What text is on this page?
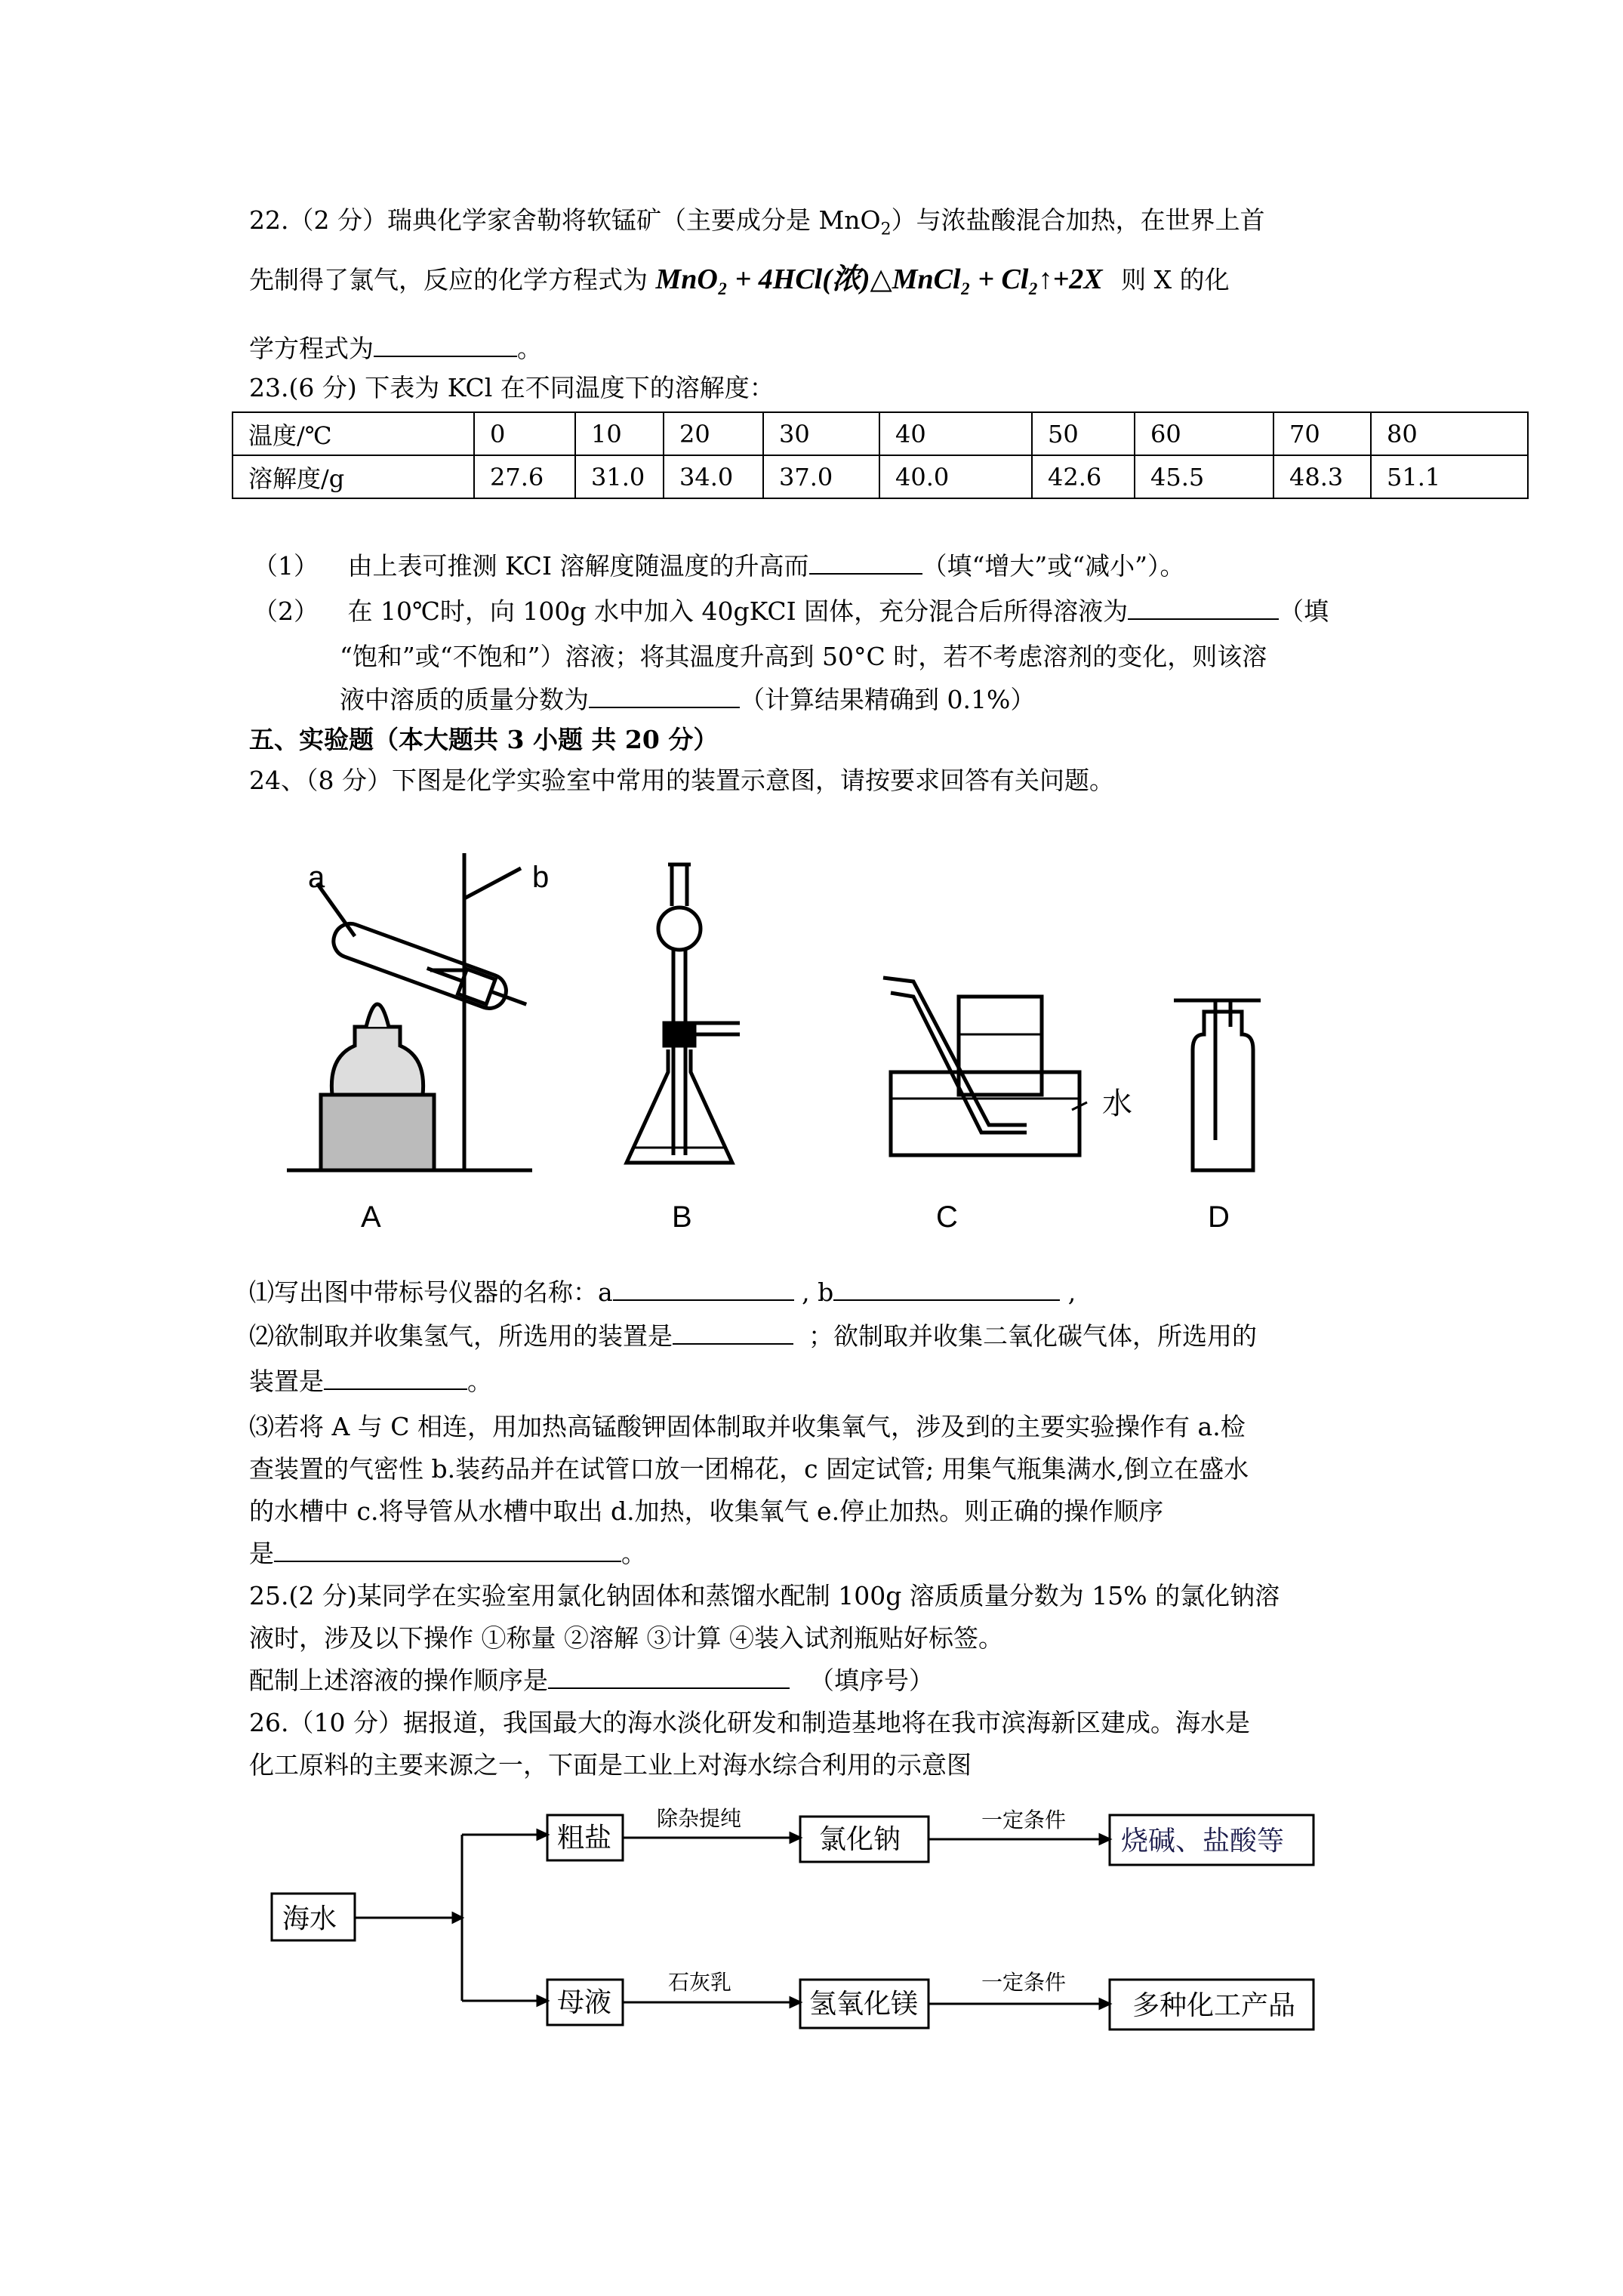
22.（2 分）瑞典化学家舍勒将软锰矿（主要成分是 MnO$_2$）与浓盐酸混合加热，在世界上首
先制得了氯气，反应的化学方程式为 MnO₂ + 4HCl(浓)△MnCl₂ + Cl₂↑+2X 则 X 的化
学方程式为	。
23.(6 分) 下表为 KCl 在不同温度下的溶解度：
温度/℃	0	10	20	30	40	50	60	70	80
溶解度/g	27.6	31.0	34.0	37.0	40.0	42.6	45.5	48.3	51.1
（1） 由上表可推测 KCI 溶解度随温度的升高而	（填“增大”或“减小”）。
（2） 在 10℃时，向 100g 水中加入 40gKCI 固体，充分混合后所得溶液为	（填
“饱和”或“不饱和”）溶液；将其温度升高到 50°C 时，若不考虑溶剂的变化，则该溶
液中溶质的质量分数为	（计算结果精确到 0.1%）
五、实验题（本大题共 3 小题 共 20 分）
24、（8 分）下图是化学实验室中常用的装置示意图，请按要求回答有关问题。
a	b
水
A	B	C	D
⑴写出图中带标号仪器的名称：a	, b	,
⑵欲制取并收集氢气，所选用的装置是	；欲制取并收集二氧化碳气体，所选用的
装置是	。
⑶若将 A 与 C 相连，用加热高锰酸钾固体制取并收集氧气，涉及到的主要实验操作有 a.检
查装置的气密性 b.装药品并在试管口放一团棉花，c 固定试管; 用集气瓶集满水,倒立在盛水
的水槽中 c.将导管从水槽中取出 d.加热，收集氧气 e.停止加热。则正确的操作顺序
是	。
25.(2 分)某同学在实验室用氯化钠固体和蒸馏水配制 100g 溶质质量分数为 15% 的氯化钠溶
液时，涉及以下操作 ①称量 ②溶解 ③计算 ④装入试剂瓶贴好标签。
配制上述溶液的操作顺序是	（填序号）
26.（10 分）据报道，我国最大的海水淡化研发和制造基地将在我市滨海新区建成。海水是
化工原料的主要来源之一，下面是工业上对海水综合利用的示意图
海水
粗盐
除杂提纯
氯化钠
一定条件
烧碱、盐酸等
母液
石灰乳
氢氧化镁
一定条件
多种化工产品
